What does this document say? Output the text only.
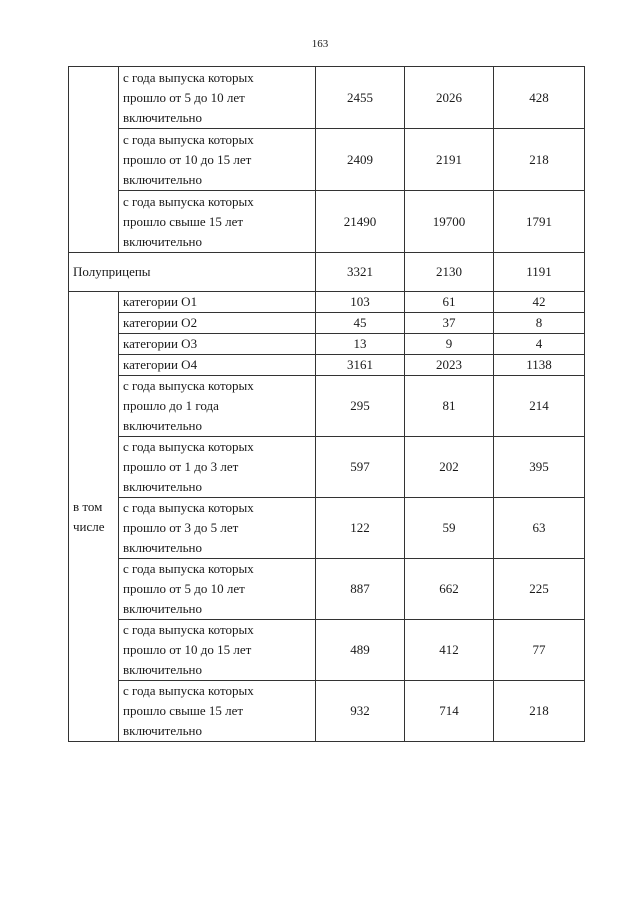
163
	с года выпуска которых
прошло от 5 до 10 лет
включительно	2455	2026	428
	с года выпуска которых
прошло от 10 до 15 лет
включительно	2409	2191	218
	с года выпуска которых
прошло свыше 15 лет
включительно	21490	19700	1791
Полуприцепы		3321	2130	1191
в том
числе	категории О1	103	61	42
	категории О2	45	37	8
	категории О3	13	9	4
	категории О4	3161	2023	1138
	с года выпуска которых
прошло до 1 года
включительно	295	81	214
	с года выпуска которых
прошло от 1 до 3 лет
включительно	597	202	395
	с года выпуска которых
прошло от 3 до 5 лет
включительно	122	59	63
	с года выпуска которых
прошло от 5 до 10 лет
включительно	887	662	225
	с года выпуска которых
прошло от 10 до 15 лет
включительно	489	412	77
	с года выпуска которых
прошло свыше 15 лет
включительно	932	714	218
